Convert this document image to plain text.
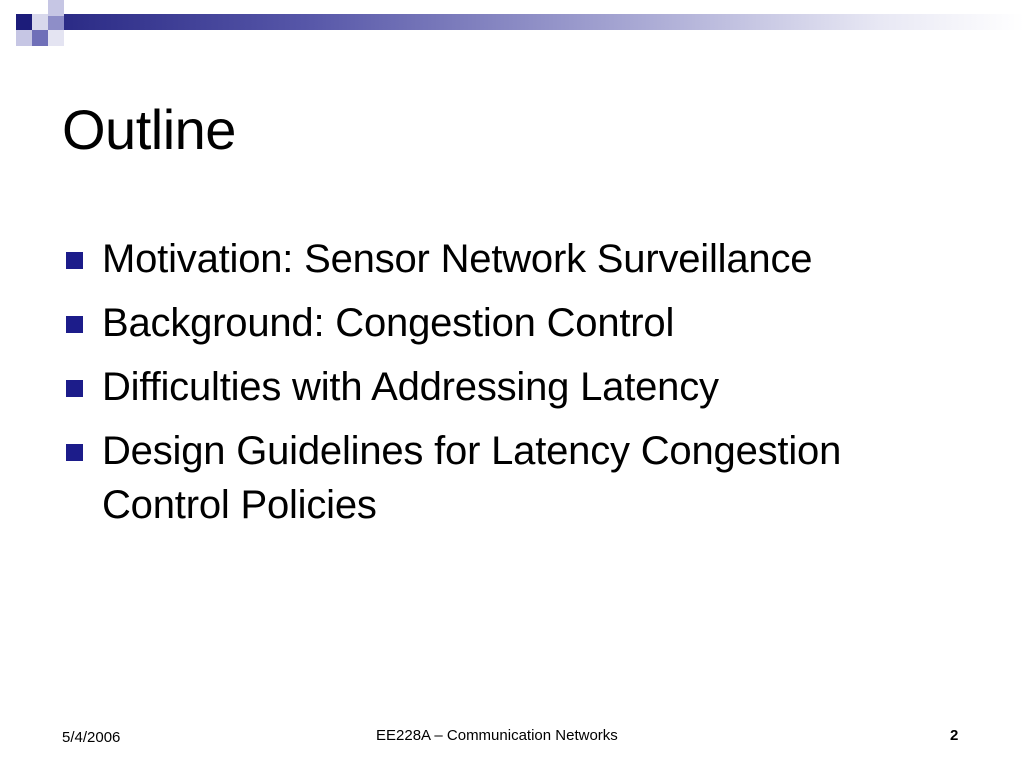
Outline
Motivation: Sensor Network Surveillance
Background: Congestion Control
Difficulties with Addressing Latency
Design Guidelines for Latency Congestion Control Policies
5/4/2006	EE228A – Communication Networks	2
